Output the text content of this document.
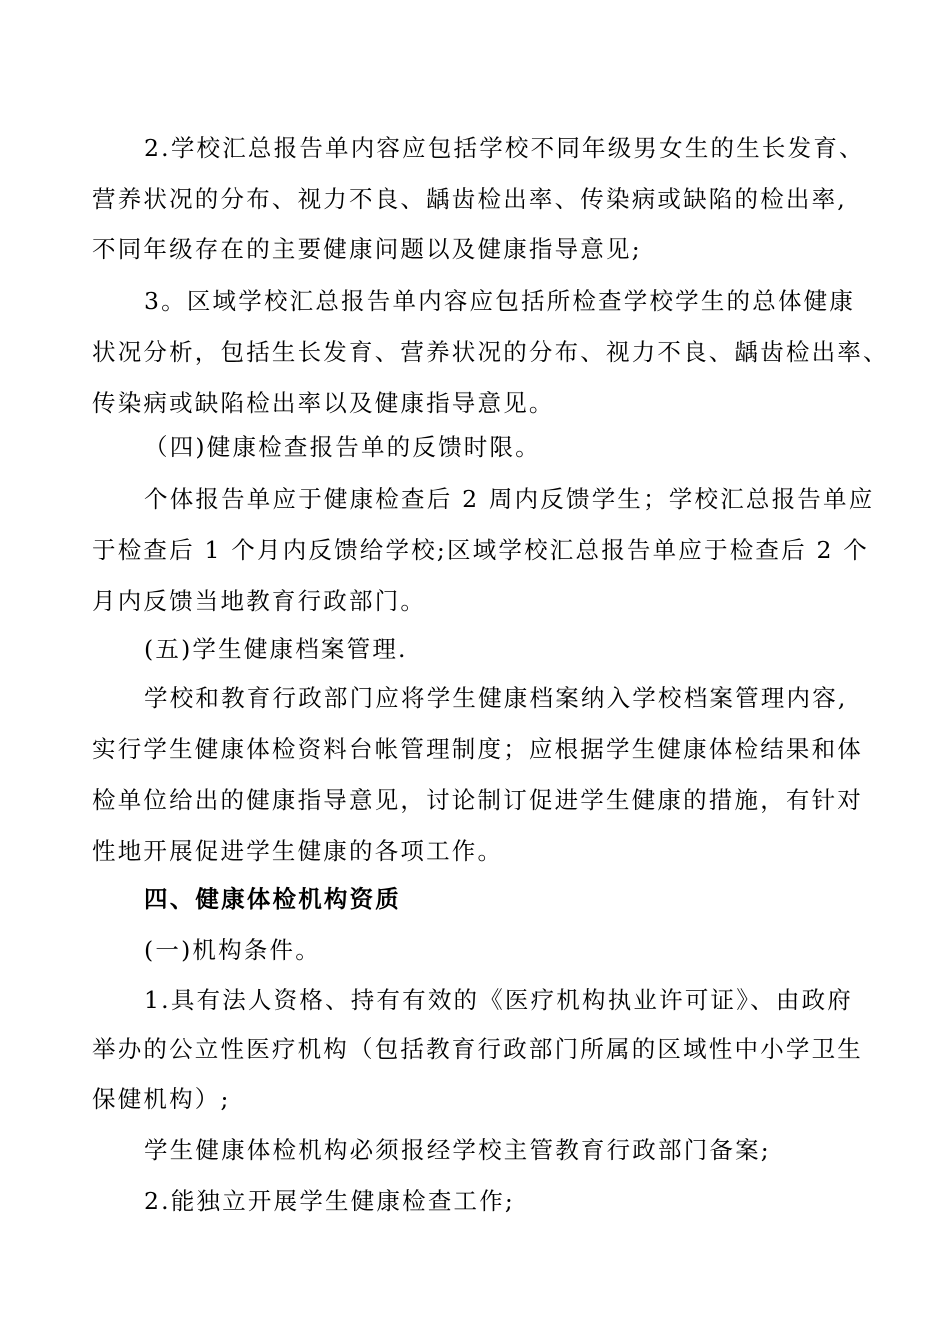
2.学校汇总报告单内容应包括学校不同年级男女生的生长发育、
营养状况的分布、视力不良、龋齿检出率、传染病或缺陷的检出率,
不同年级存在的主要健康问题以及健康指导意见;
3。区域学校汇总报告单内容应包括所检查学校学生的总体健康
状况分析，包括生长发育、营养状况的分布、视力不良、龋齿检出率、
传染病或缺陷检出率以及健康指导意见。
（四)健康检查报告单的反馈时限。
个体报告单应于健康检查后 2 周内反馈学生；学校汇总报告单应
于检查后 1 个月内反馈给学校;区域学校汇总报告单应于检查后 2 个
月内反馈当地教育行政部门。
(五)学生健康档案管理.
学校和教育行政部门应将学生健康档案纳入学校档案管理内容,
实行学生健康体检资料台帐管理制度；应根据学生健康体检结果和体
检单位给出的健康指导意见，讨论制订促进学生健康的措施，有针对
性地开展促进学生健康的各项工作。
四、健康体检机构资质
(一)机构条件。
1.具有法人资格、持有有效的《医疗机构执业许可证》、由政府
举办的公立性医疗机构（包括教育行政部门所属的区域性中小学卫生
保健机构）;
学生健康体检机构必须报经学校主管教育行政部门备案;
2.能独立开展学生健康检查工作;
